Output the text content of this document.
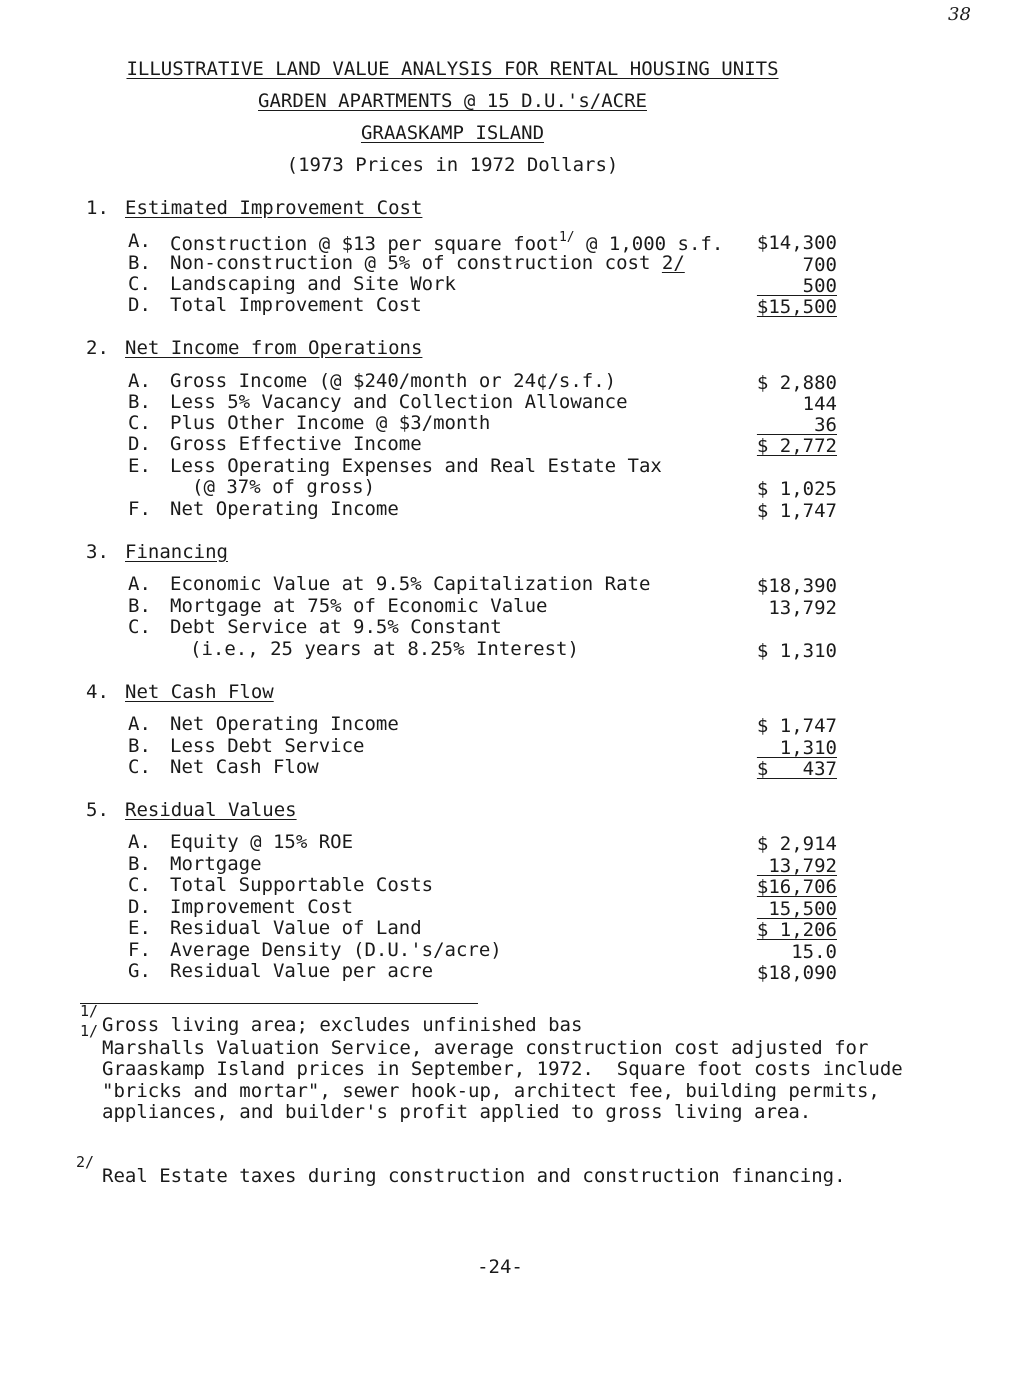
38
ILLUSTRATIVE LAND VALUE ANALYSIS FOR RENTAL HOUSING UNITS
GARDEN APARTMENTS @ 15 D.U.'s/ACRE
GRAASKAMP ISLAND
(1973 Prices in 1972 Dollars)
1. Estimated Improvement Cost
A. Construction @ $13 per square foot$^{1/}$ @ 1,000 s.f. $14,300
B. Non-construction @ 5% of construction cost 2/	700
C. Landscaping and Site Work	500
D. Total Improvement Cost	$15,500
2. Net Income from Operations
A. Gross Income (@ $240/month or 24¢/s.f.)	$ 2,880
B. Less 5% Vacancy and Collection Allowance	144
C. Plus Other Income @ $3/month	36
D. Gross Effective Income	$ 2,772
E. Less Operating Expenses and Real Estate Tax
(@ 37% of gross)	$ 1,025
F. Net Operating Income	$ 1,747
3. Financing
A. Economic Value at 9.5% Capitalization Rate	$18,390
B. Mortgage at 75% of Economic Value	13,792
C. Debt Service at 9.5% Constant
(i.e., 25 years at 8.25% Interest)	$ 1,310
4. Net Cash Flow
A. Net Operating Income	$ 1,747
B. Less Debt Service	1,310
C. Net Cash Flow	$   437
5. Residual Values
A. Equity @ 15% ROE	$ 2,914
B. Mortgage	13,792
C. Total Supportable Costs	$16,706
D. Improvement Cost	15,500
E. Residual Value of Land	$ 1,206
F. Average Density (D.U.'s/acre)	15.0
G. Residual Value per acre	$18,090
1/
Gross living area; excludes unfinished bas
1/
Marshalls Valuation Service, average construction cost adjusted for
Graaskamp Island prices in September, 1972.  Square foot costs include
"bricks and mortar", sewer hook-up, architect fee, building permits,
appliances, and builder's profit applied to gross living area.
2/
Real Estate taxes during construction and construction financing.
-24-
